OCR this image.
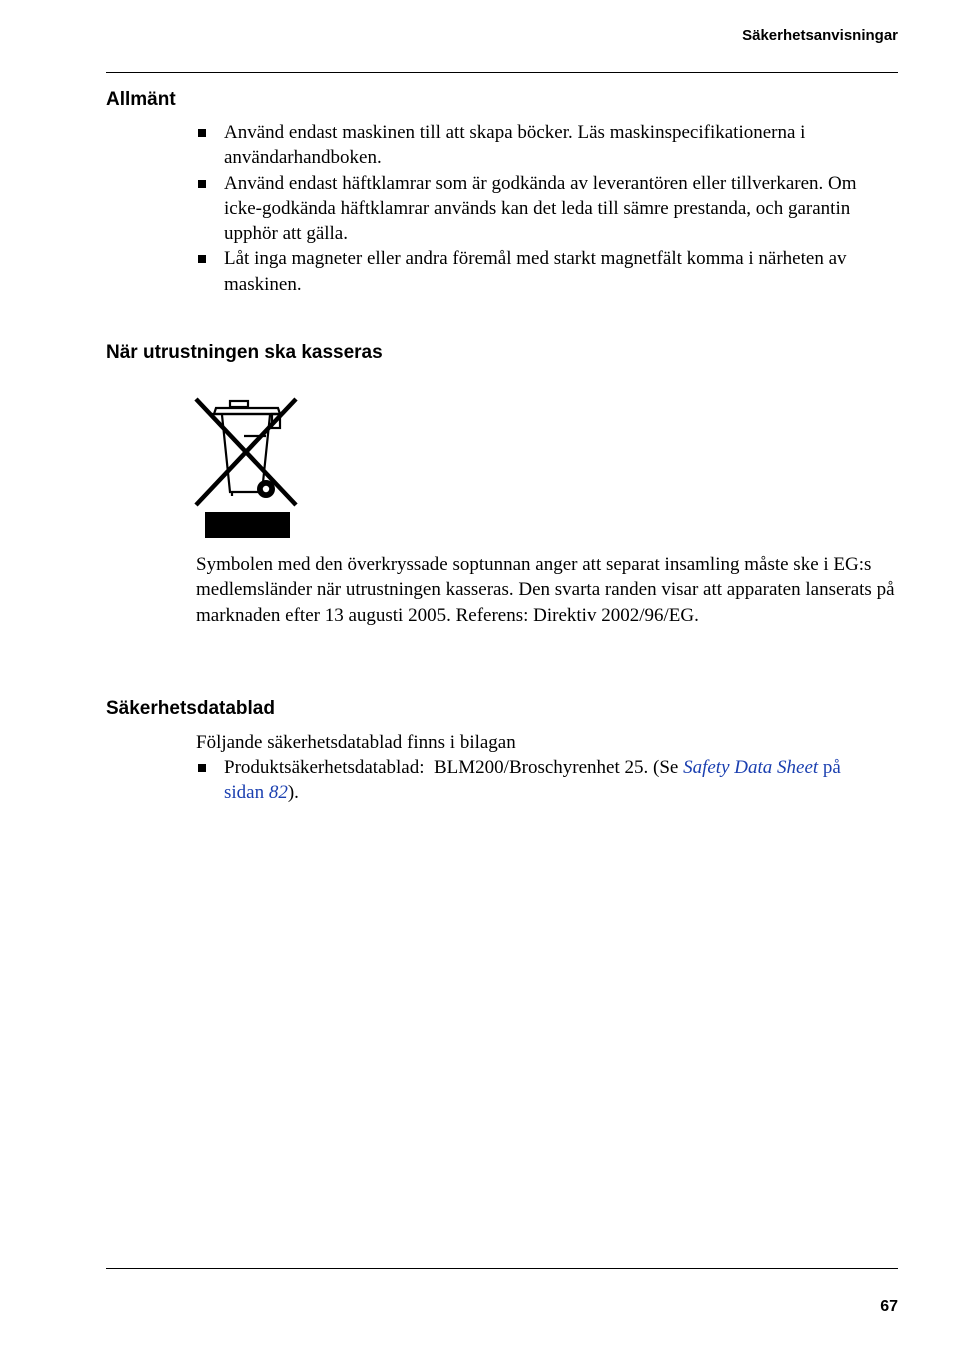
Säkerhetsanvisningar
Allmänt
Använd endast maskinen till att skapa böcker. Läs maskinspecifikationerna i användarhandboken.
Använd endast häftklamrar som är godkända av leverantören eller tillverkaren. Om icke-godkända häftklamrar används kan det leda till sämre prestanda, och garantin upphör att gälla.
Låt inga magneter eller andra föremål med starkt magnetfält komma i närheten av maskinen.
När utrustningen ska kasseras

Symbolen med den överkryssade soptunnan anger att separat insamling måste ske i EG:s medlemsländer när utrustningen kasseras. Den svarta randen visar att apparaten lanserats på marknaden efter 13 augusti 2005. Referens: Direktiv 2002/96/EG.

Säkerhetsdatablad

Följande säkerhetsdatablad finns i bilagan

Produktsäkerhetsdatablad:  BLM200/Broschyrenhet 25. (Se Safety Data Sheet på
sidan 82).
67
